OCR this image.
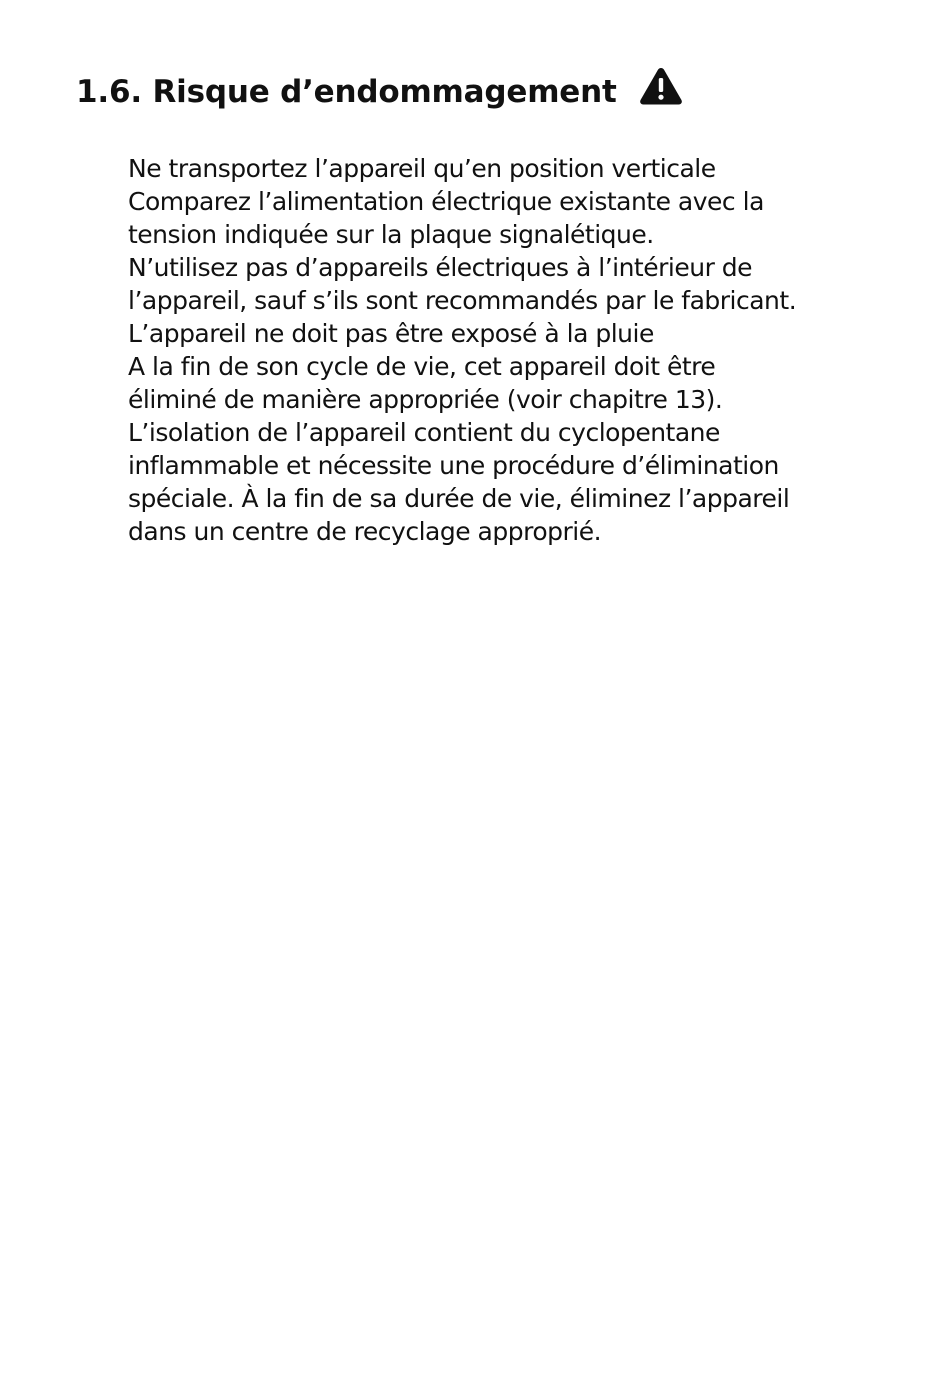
1.6. Risque d’endommagement
Ne transportez l’appareil qu’en position verticale
Comparez l’alimentation électrique existante avec la
tension indiquée sur la plaque signalétique.
N’utilisez pas d’appareils électriques à l’intérieur de
l’appareil, sauf s’ils sont recommandés par le fabricant.
L’appareil ne doit pas être exposé à la pluie
A la fin de son cycle de vie, cet appareil doit être
éliminé de manière appropriée (voir chapitre 13).
L’isolation de l’appareil contient du cyclopentane
inflammable et nécessite une procédure d’élimination
spéciale. À la fin de sa durée de vie, éliminez l’appareil
dans un centre de recyclage approprié.
